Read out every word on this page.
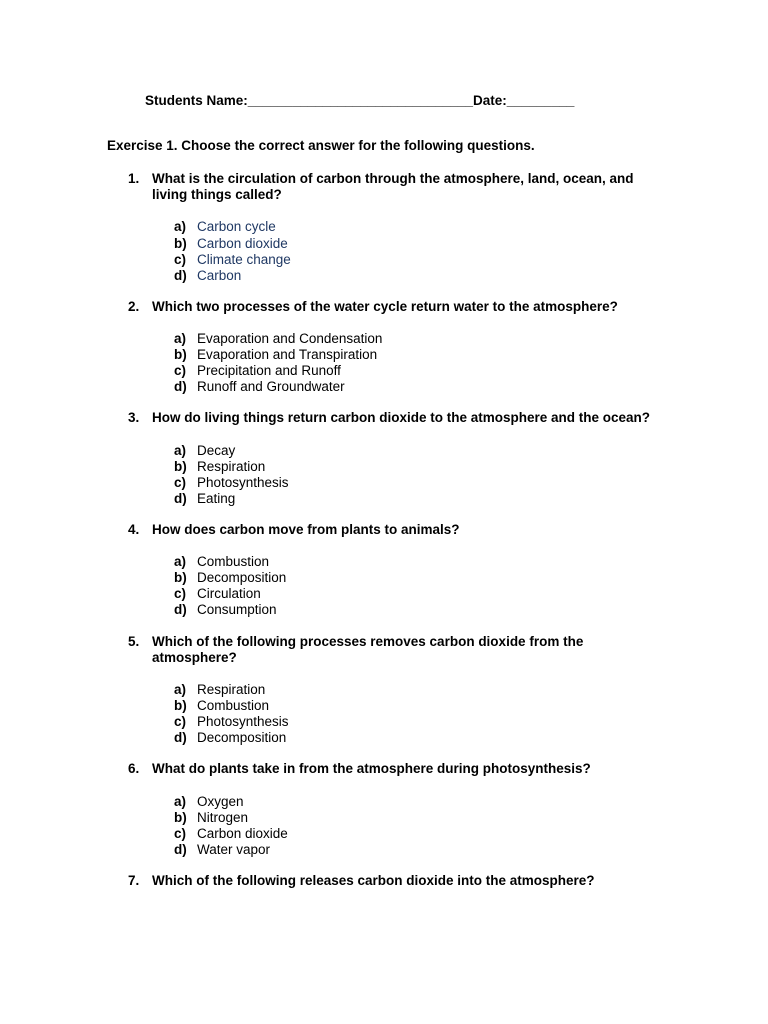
Students Name:______________________________Date:_________
Exercise 1. Choose the correct answer for the following questions.
1. What is the circulation of carbon through the atmosphere, land, ocean, and living things called?
a) Carbon cycle
b) Carbon dioxide
c) Climate change
d) Carbon
2. Which two processes of the water cycle return water to the atmosphere?
a) Evaporation and Condensation
b) Evaporation and Transpiration
c) Precipitation and Runoff
d) Runoff and Groundwater
3. How do living things return carbon dioxide to the atmosphere and the ocean?
a) Decay
b) Respiration
c) Photosynthesis
d) Eating
4. How does carbon move from plants to animals?
a) Combustion
b) Decomposition
c) Circulation
d) Consumption
5. Which of the following processes removes carbon dioxide from the atmosphere?
a) Respiration
b) Combustion
c) Photosynthesis
d) Decomposition
6. What do plants take in from the atmosphere during photosynthesis?
a) Oxygen
b) Nitrogen
c) Carbon dioxide
d) Water vapor
7. Which of the following releases carbon dioxide into the atmosphere?
